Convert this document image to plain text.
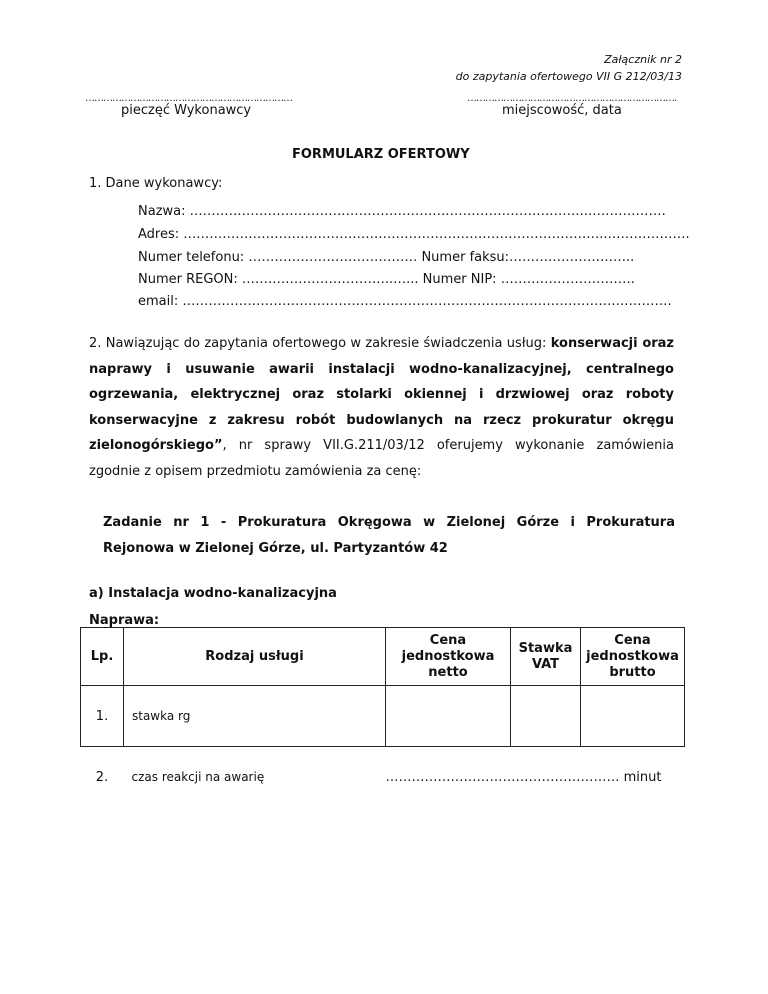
Załącznik nr 2
do zapytania ofertowego VII G 212/03/13
……………………………………………………………
pieczęć Wykonawcy
…………………………………………………………….
miejscowość, data
FORMULARZ OFERTOWY
1. Dane wykonawcy:
Nazwa: ………………………………………………………………………………..………………
Adres: ……………………………………………………………………………………..……………….
Numer telefonu: ………………………………… Numer faksu:………………………..
Numer REGON: ……………………………..…... Numer NIP: ………………………….
email: ……………………………………………………………………………………….………….
2. Nawiązując do zapytania ofertowego w zakresie świadczenia usług: konserwacji oraz naprawy i usuwanie awarii instalacji wodno-kanalizacyjnej, centralnego ogrzewania, elektrycznej oraz stolarki okiennej i drzwiowej oraz roboty konserwacyjne z zakresu robót budowlanych na rzecz prokuratur okręgu zielonogórskiego”, nr sprawy VII.G.211/03/12 oferujemy wykonanie zamówienia zgodnie z opisem przedmiotu zamówienia za cenę:
Zadanie nr 1 - Prokuratura Okręgowa w Zielonej Górze i Prokuratura Rejonowa w Zielonej Górze, ul. Partyzantów 42
a) Instalacja wodno-kanalizacyjna
Naprawa:
Lp.	Rodzaj usługi	Cena jednostkowa netto	Stawka VAT	Cena jednostkowa brutto
1.	stawka rg			
2.	czas reakcji na awarię	……………………………………………… minut		
